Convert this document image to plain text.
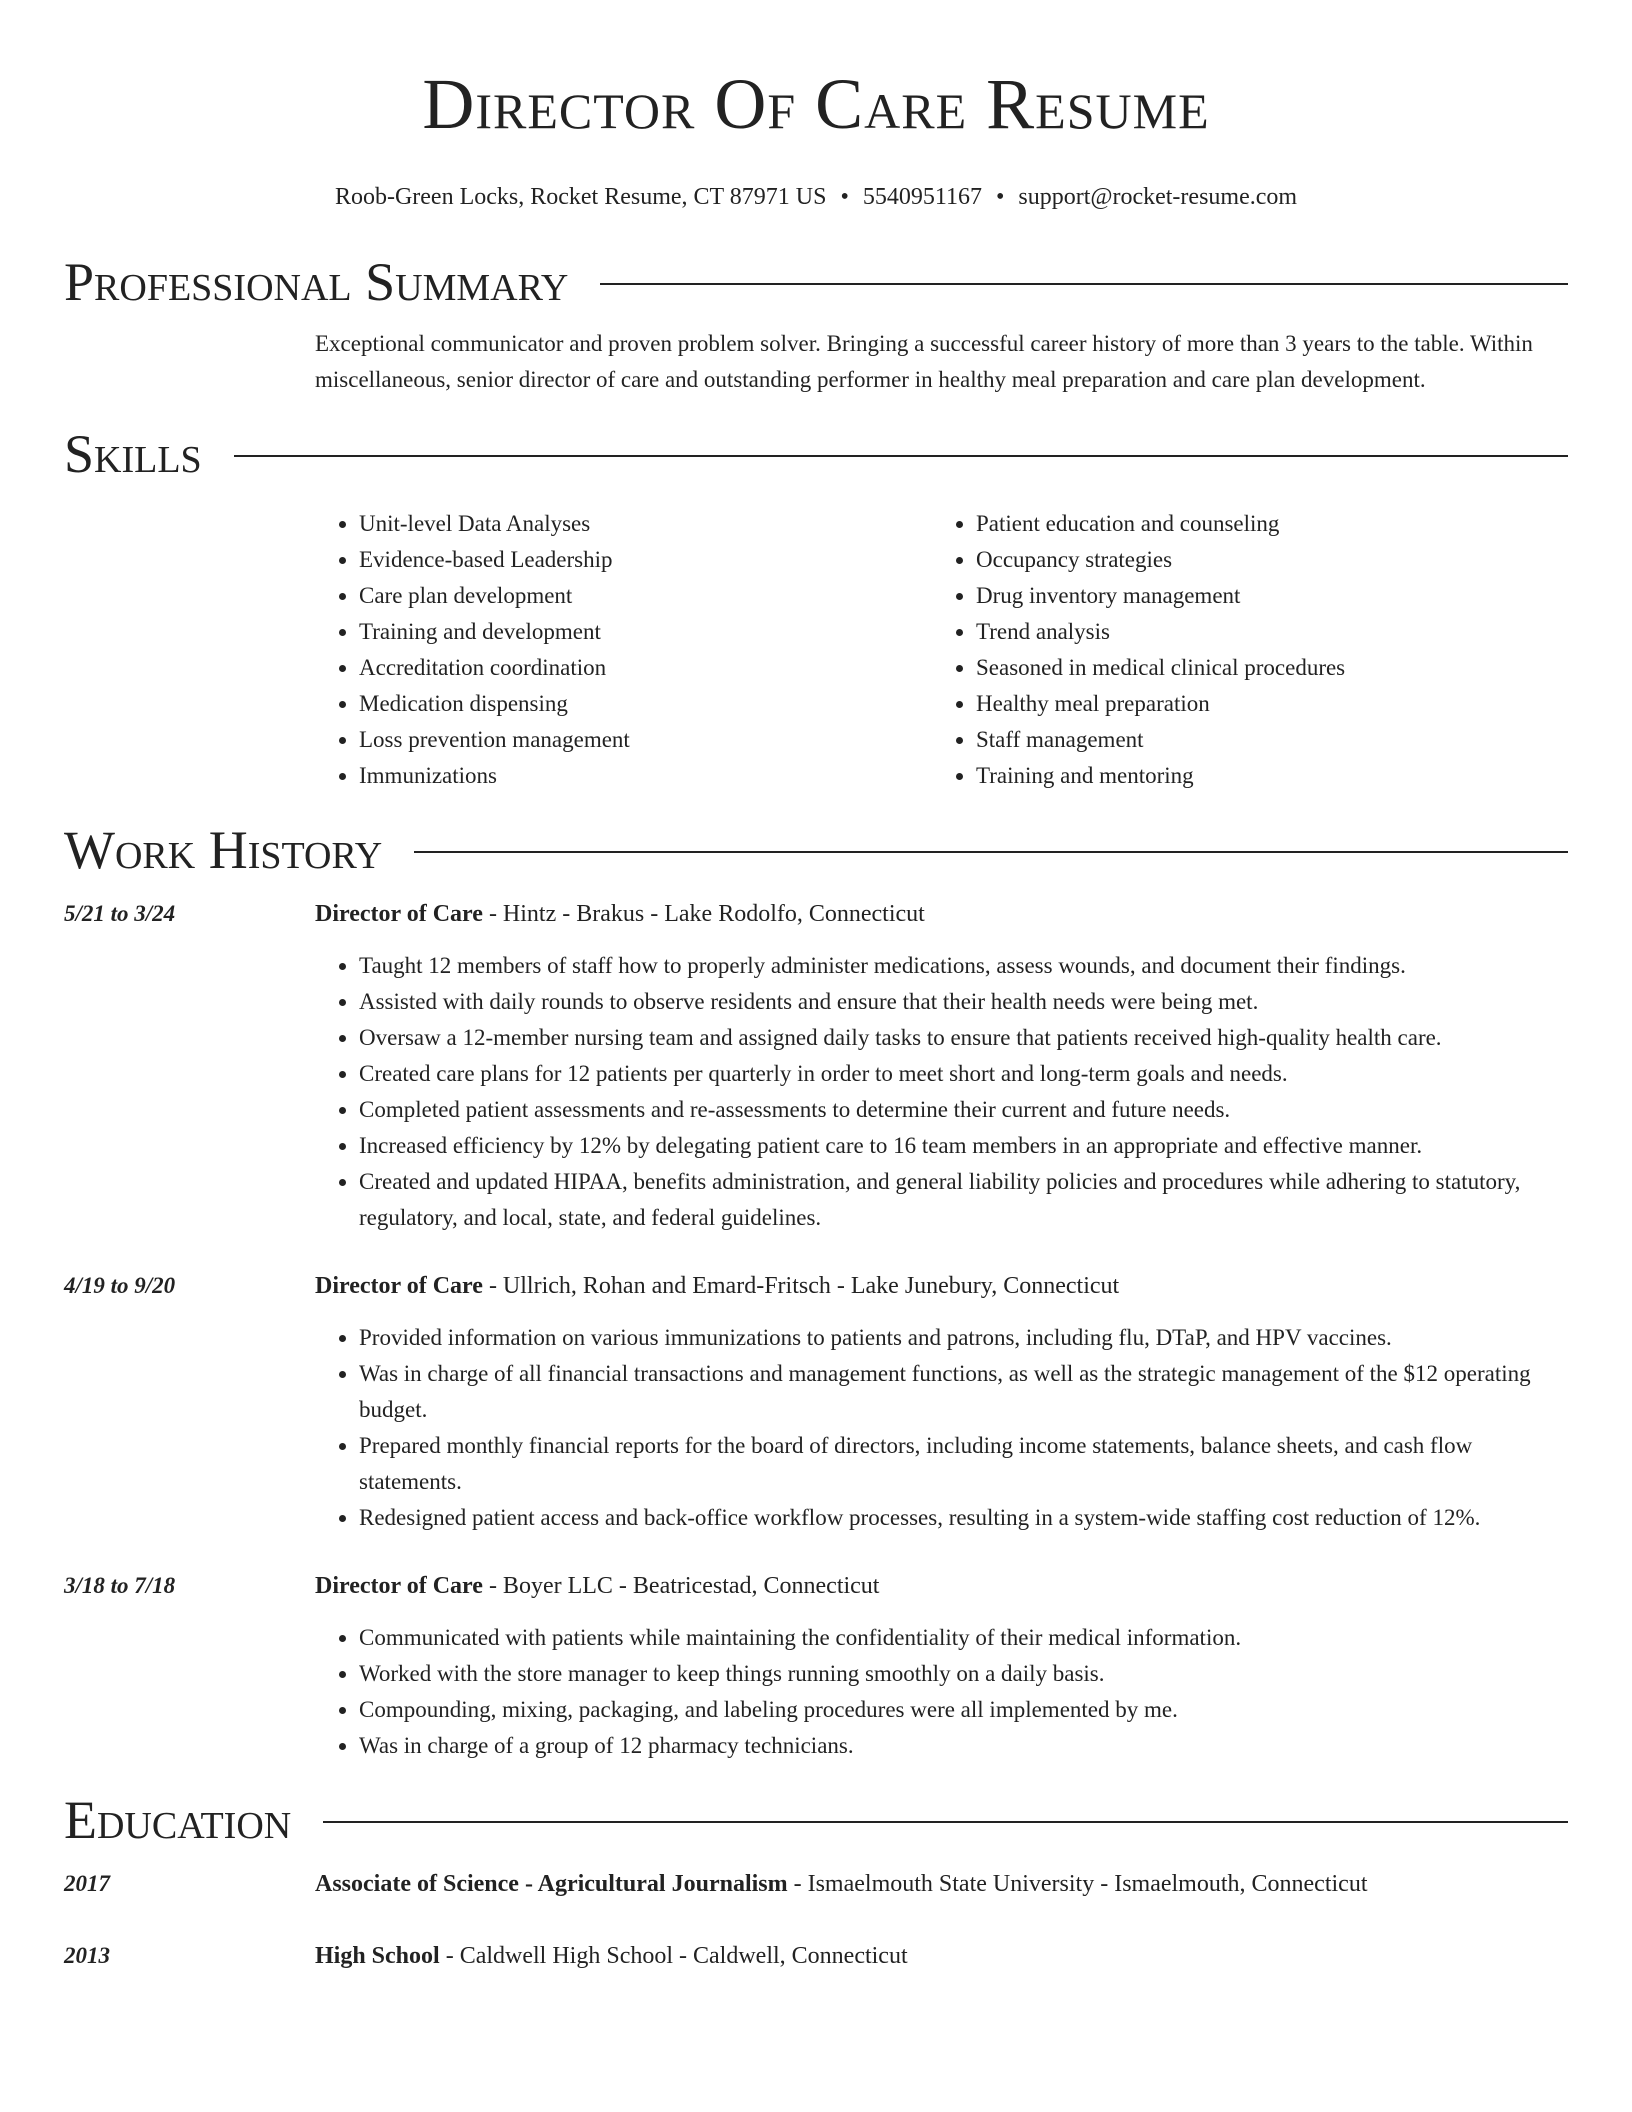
Director Of Care Resume
Roob-Green Locks, Rocket Resume, CT 87971 US • 5540951167 • support@rocket-resume.com
Professional Summary
Exceptional communicator and proven problem solver. Bringing a successful career history of more than 3 years to the table. Within miscellaneous, senior director of care and outstanding performer in healthy meal preparation and care plan development.
Skills
• Unit-level Data Analyses
• Evidence-based Leadership
• Care plan development
• Training and development
• Accreditation coordination
• Medication dispensing
• Loss prevention management
• Immunizations
• Patient education and counseling
• Occupancy strategies
• Drug inventory management
• Trend analysis
• Seasoned in medical clinical procedures
• Healthy meal preparation
• Staff management
• Training and mentoring
Work History
5/21 to 3/24	Director of Care - Hintz - Brakus - Lake Rodolfo, Connecticut
• Taught 12 members of staff how to properly administer medications, assess wounds, and document their findings.
• Assisted with daily rounds to observe residents and ensure that their health needs were being met.
• Oversaw a 12-member nursing team and assigned daily tasks to ensure that patients received high-quality health care.
• Created care plans for 12 patients per quarterly in order to meet short and long-term goals and needs.
• Completed patient assessments and re-assessments to determine their current and future needs.
• Increased efficiency by 12% by delegating patient care to 16 team members in an appropriate and effective manner.
• Created and updated HIPAA, benefits administration, and general liability policies and procedures while adhering to statutory, regulatory, and local, state, and federal guidelines.
4/19 to 9/20	Director of Care - Ullrich, Rohan and Emard-Fritsch - Lake Junebury, Connecticut
• Provided information on various immunizations to patients and patrons, including flu, DTaP, and HPV vaccines.
• Was in charge of all financial transactions and management functions, as well as the strategic management of the $12 operating budget.
• Prepared monthly financial reports for the board of directors, including income statements, balance sheets, and cash flow statements.
• Redesigned patient access and back-office workflow processes, resulting in a system-wide staffing cost reduction of 12%.
3/18 to 7/18	Director of Care - Boyer LLC - Beatricestad, Connecticut
• Communicated with patients while maintaining the confidentiality of their medical information.
• Worked with the store manager to keep things running smoothly on a daily basis.
• Compounding, mixing, packaging, and labeling procedures were all implemented by me.
• Was in charge of a group of 12 pharmacy technicians.
Education
2017	Associate of Science - Agricultural Journalism - Ismaelmouth State University - Ismaelmouth, Connecticut
2013	High School - Caldwell High School - Caldwell, Connecticut
